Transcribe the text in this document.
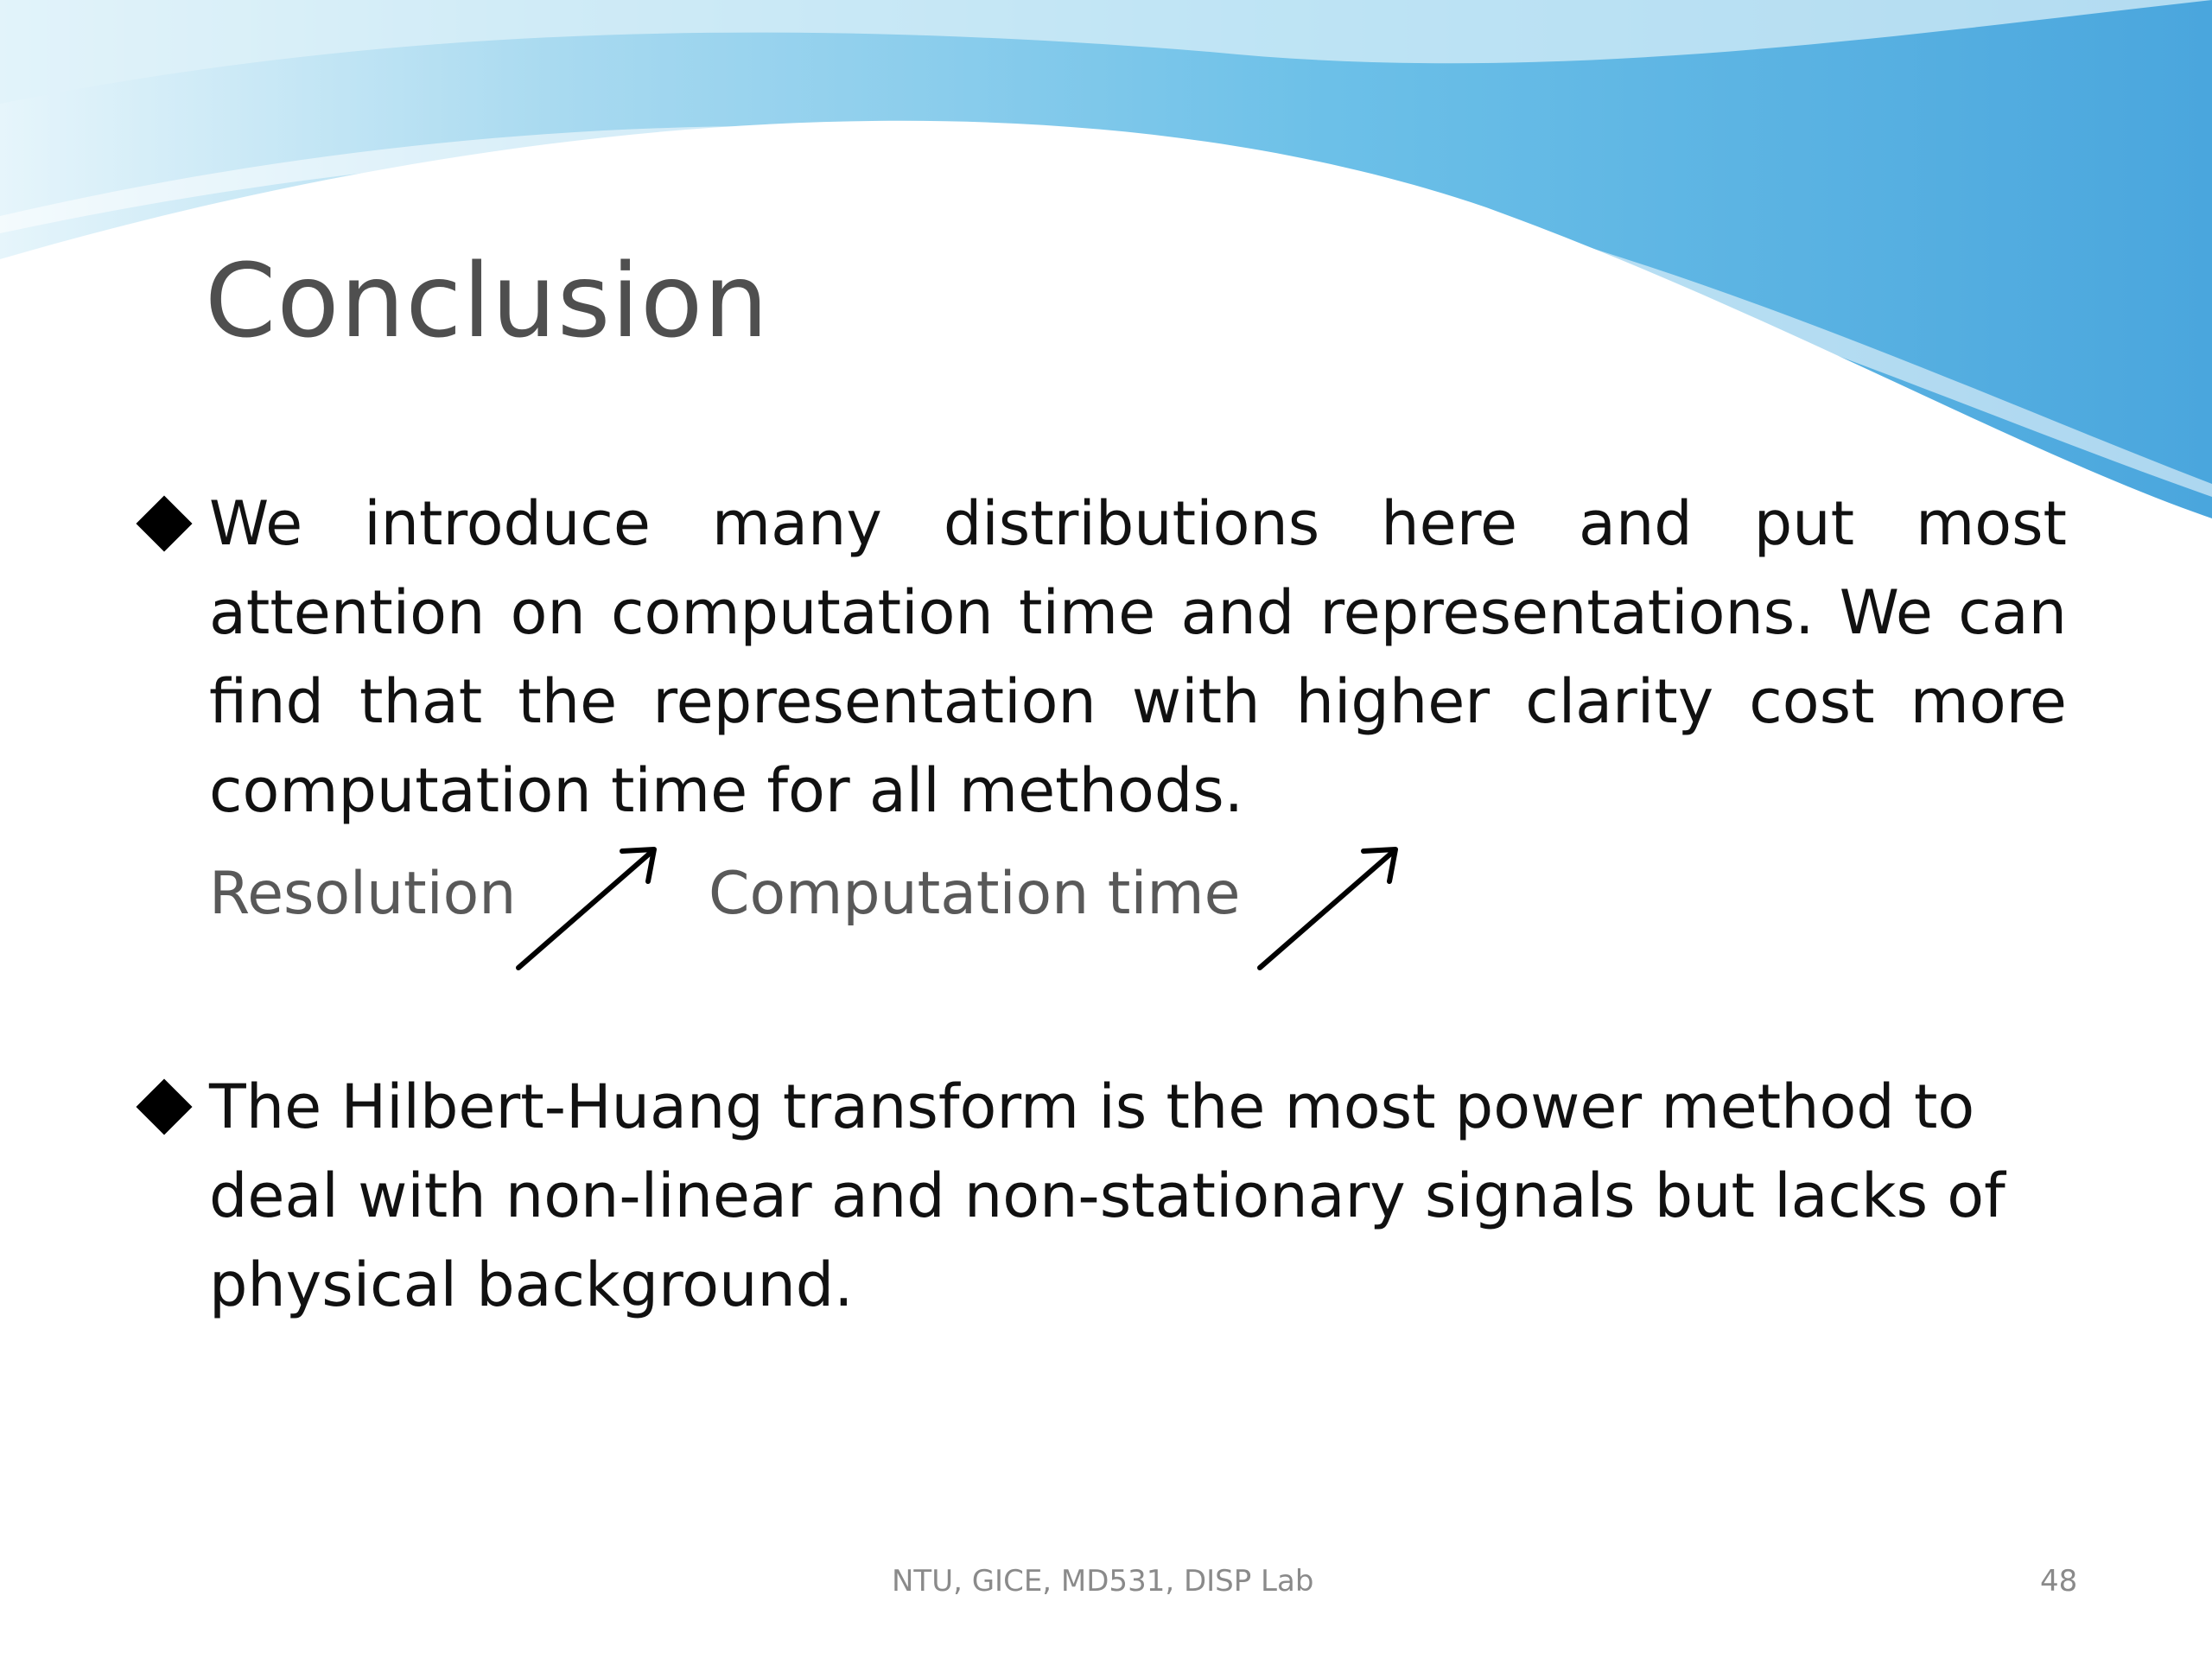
Conclusion

We introduce many distributions here and put most attention on computation time and representations. We can find that the representation with higher clarity cost more computation time for all methods.

Resolution	Computation time

The Hilbert-Huang transform is the most power method to deal with non-linear and non-stationary signals but lacks of physical background.

NTU, GICE, MD531, DISP Lab	48
